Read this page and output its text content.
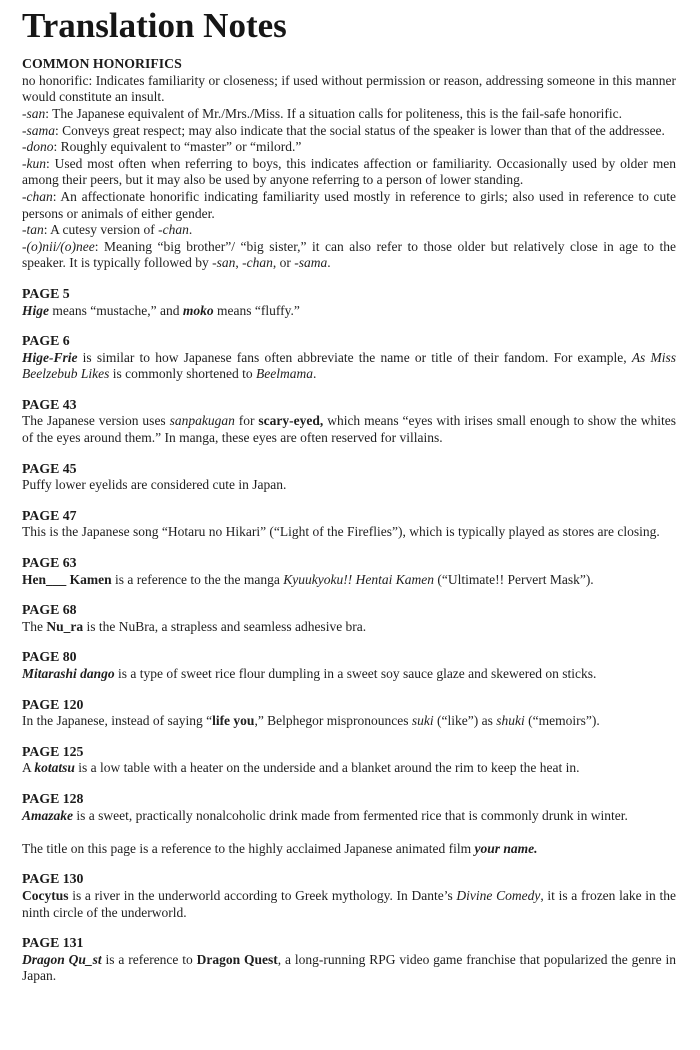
Translation Notes
COMMON HONORIFICS

no honorific: Indicates familiarity or closeness; if used without permission or reason, addressing someone in this manner would constitute an insult.

-san: The Japanese equivalent of Mr./Mrs./Miss. If a situation calls for politeness, this is the fail-safe honorific.

-sama: Conveys great respect; may also indicate that the social status of the speaker is lower than that of the addressee.

-dono: Roughly equivalent to “master” or “milord.”

-kun: Used most often when referring to boys, this indicates affection or familiarity. Occasionally used by older men among their peers, but it may also be used by anyone referring to a person of lower standing.

-chan: An affectionate honorific indicating familiarity used mostly in reference to girls; also used in reference to cute persons or animals of either gender.

-tan: A cutesy version of -chan.

-(o)nii/(o)nee: Meaning “big brother”/ “big sister,” it can also refer to those older but relatively close in age to the speaker. It is typically followed by -san, -chan, or -sama.

PAGE 5

Hige means “mustache,” and moko means “fluffy.”

PAGE 6

Hige-Frie is similar to how Japanese fans often abbreviate the name or title of their fandom. For example, As Miss Beelzebub Likes is commonly shortened to Beelmama.

PAGE 43

The Japanese version uses sanpakugan for scary-eyed, which means “eyes with irises small enough to show the whites of the eyes around them.” In manga, these eyes are often reserved for villains.

PAGE 45

Puffy lower eyelids are considered cute in Japan.

PAGE 47

This is the Japanese song “Hotaru no Hikari” (“Light of the Fireflies”), which is typically played as stores are closing.

PAGE 63

Hen___ Kamen is a reference to the the manga Kyuukyoku!! Hentai Kamen (“Ultimate!! Pervert Mask”).

PAGE 68

The Nu_ra is the NuBra, a strapless and seamless adhesive bra.

PAGE 80

Mitarashi dango is a type of sweet rice flour dumpling in a sweet soy sauce glaze and skewered on sticks.

PAGE 120

In the Japanese, instead of saying “life you,” Belphegor mispronounces suki (“like”) as shuki (“memoirs”).

PAGE 125

A kotatsu is a low table with a heater on the underside and a blanket around the rim to keep the heat in.

PAGE 128

Amazake is a sweet, practically nonalcoholic drink made from fermented rice that is commonly drunk in winter.

The title on this page is a reference to the highly acclaimed Japanese animated film your name.

PAGE 130

Cocytus is a river in the underworld according to Greek mythology. In Dante’s Divine Comedy, it is a frozen lake in the ninth circle of the underworld.

PAGE 131

Dragon Qu_st is a reference to Dragon Quest, a long-running RPG video game franchise that popularized the genre in Japan.
